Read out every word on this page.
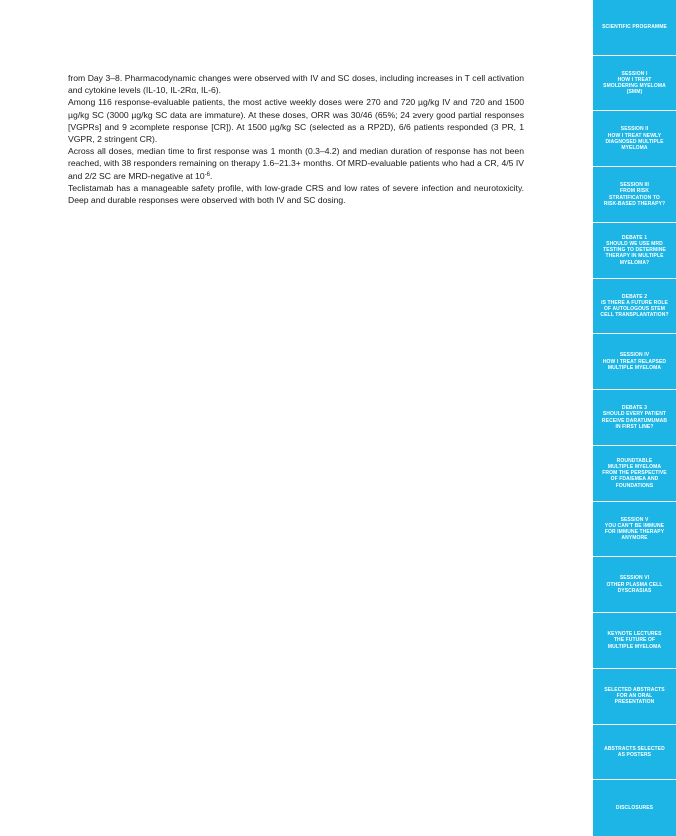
from Day 3–8. Pharmacodynamic changes were observed with IV and SC doses, including increases in T cell activation and cytokine levels (IL-10, IL-2Rα, IL-6).

Among 116 response-evaluable patients, the most active weekly doses were 270 and 720 µg/kg IV and 720 and 1500 µg/kg SC (3000 µg/kg SC data are immature). At these doses, ORR was 30/46 (65%; 24 ≥very good partial responses [VGPRs] and 9 ≥complete response [CR]). At 1500 µg/kg SC (selected as a RP2D), 6/6 patients responded (3 PR, 1 VGPR, 2 stringent CR).

Across all doses, median time to first response was 1 month (0.3–4.2) and median duration of response has not been reached, with 38 responders remaining on therapy 1.6–21.3+ months. Of MRD-evaluable patients who had a CR, 4/5 IV and 2/2 SC are MRD-negative at $10^{-6}$.

Teclistamab has a manageable safety profile, with low-grade CRS and low rates of severe infection and neurotoxicity. Deep and durable responses were observed with both IV and SC dosing.

SCIENTIFIC PROGRAMME
SESSION I
HOW I TREAT
SMOLDERING MYELOMA
(SMM)
SESSION II
HOW I TREAT NEWLY
DIAGNOSED MULTIPLE
MYELOMA
SESSION III
FROM RISK
STRATIFICATION TO
RISK-BASED THERAPY?
DEBATE 1
SHOULD WE USE MRD
TESTING TO DETERMINE
THERAPY IN MULTIPLE
MYELOMA?
DEBATE 2
IS THERE A FUTURE ROLE
OF AUTOLOGOUS STEM
CELL TRANSPLANTATION?
SESSION IV
HOW I TREAT RELAPSED
MULTIPLE MYELOMA
DEBATE 3
SHOULD EVERY PATIENT
RECEIVE DARATUMUMAB
IN FIRST LINE?
ROUNDTABLE
MULTIPLE MYELOMA
FROM THE PERSPECTIVE
OF FDA/EMEA AND
FOUNDATIONS
SESSION V
YOU CAN'T BE IMMUNE
FOR IMMUNE THERAPY
ANYMORE
SESSION VI
OTHER PLASMA CELL
DYSCRASIAS
KEYNOTE LECTURES
THE FUTURE OF
MULTIPLE MYELOMA
SELECTED ABSTRACTS
FOR AN ORAL
PRESENTATION
ABSTRACTS SELECTED
AS POSTERS
DISCLOSURES
